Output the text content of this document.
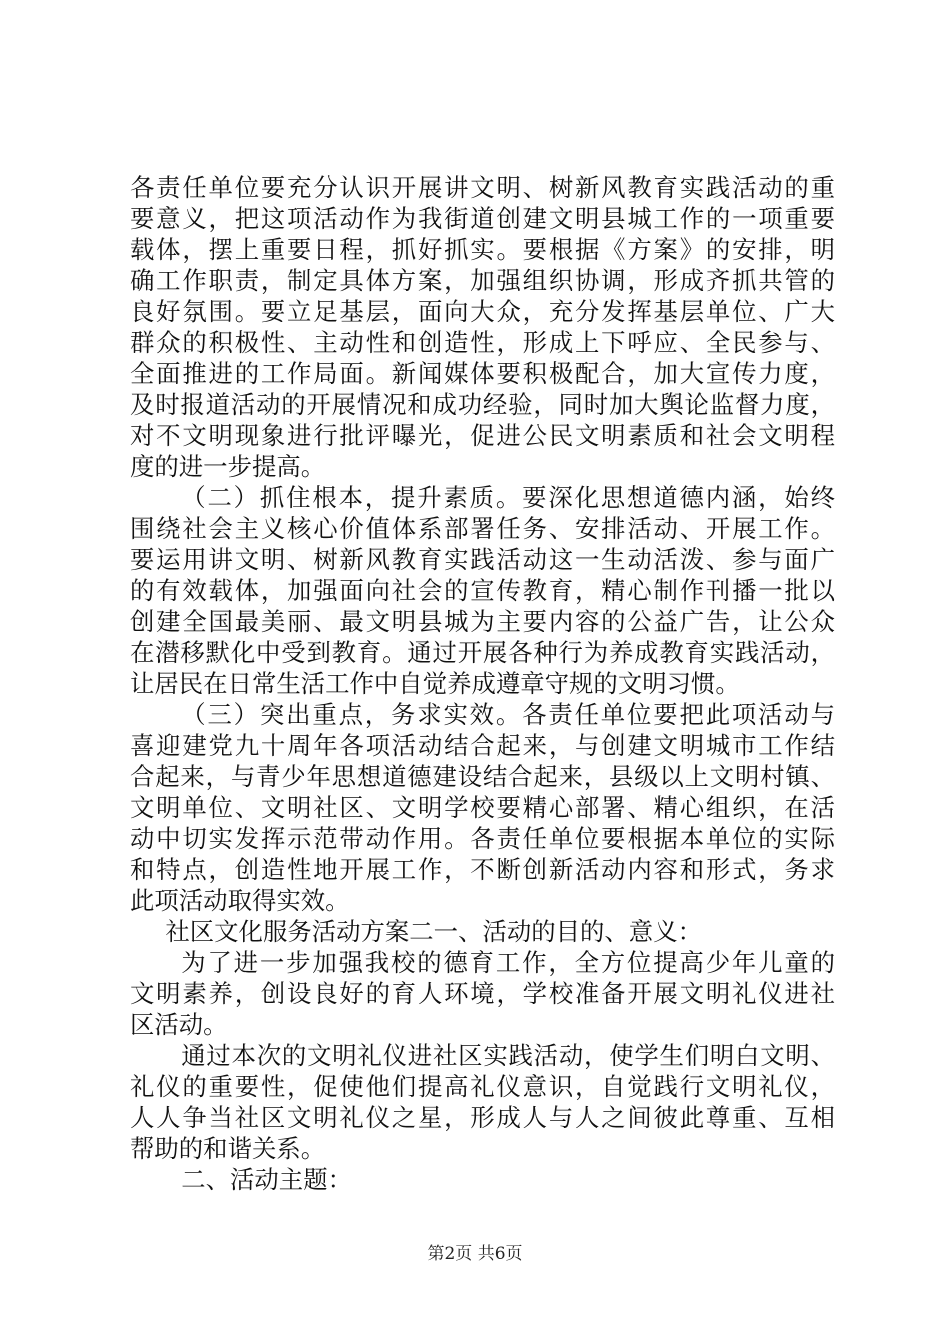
各责任单位要充分认识开展讲文明、树新风教育实践活动的重
要意义，把这项活动作为我街道创建文明县城工作的一项重要
载体，摆上重要日程，抓好抓实。要根据《方案》的安排，明
确工作职责，制定具体方案，加强组织协调，形成齐抓共管的
良好氛围。要立足基层，面向大众，充分发挥基层单位、广大
群众的积极性、主动性和创造性，形成上下呼应、全民参与、
全面推进的工作局面。新闻媒体要积极配合，加大宣传力度，
及时报道活动的开展情况和成功经验，同时加大舆论监督力度，
对不文明现象进行批评曝光，促进公民文明素质和社会文明程
度的进一步提高。
（二）抓住根本，提升素质。要深化思想道德内涵，始终
围绕社会主义核心价值体系部署任务、安排活动、开展工作。
要运用讲文明、树新风教育实践活动这一生动活泼、参与面广
的有效载体，加强面向社会的宣传教育，精心制作刊播一批以
创建全国最美丽、最文明县城为主要内容的公益广告，让公众
在潜移默化中受到教育。通过开展各种行为养成教育实践活动，
让居民在日常生活工作中自觉养成遵章守规的文明习惯。
（三）突出重点，务求实效。各责任单位要把此项活动与
喜迎建党九十周年各项活动结合起来，与创建文明城市工作结
合起来，与青少年思想道德建设结合起来，县级以上文明村镇、
文明单位、文明社区、文明学校要精心部署、精心组织，在活
动中切实发挥示范带动作用。各责任单位要根据本单位的实际
和特点，创造性地开展工作，不断创新活动内容和形式，务求
此项活动取得实效。
社区文化服务活动方案二一、活动的目的、意义：
为了进一步加强我校的德育工作，全方位提高少年儿童的
文明素养，创设良好的育人环境，学校准备开展文明礼仪进社
区活动。
通过本次的文明礼仪进社区实践活动，使学生们明白文明、
礼仪的重要性，促使他们提高礼仪意识，自觉践行文明礼仪，
人人争当社区文明礼仪之星，形成人与人之间彼此尊重、互相
帮助的和谐关系。
二、活动主题：
第2页 共6页
